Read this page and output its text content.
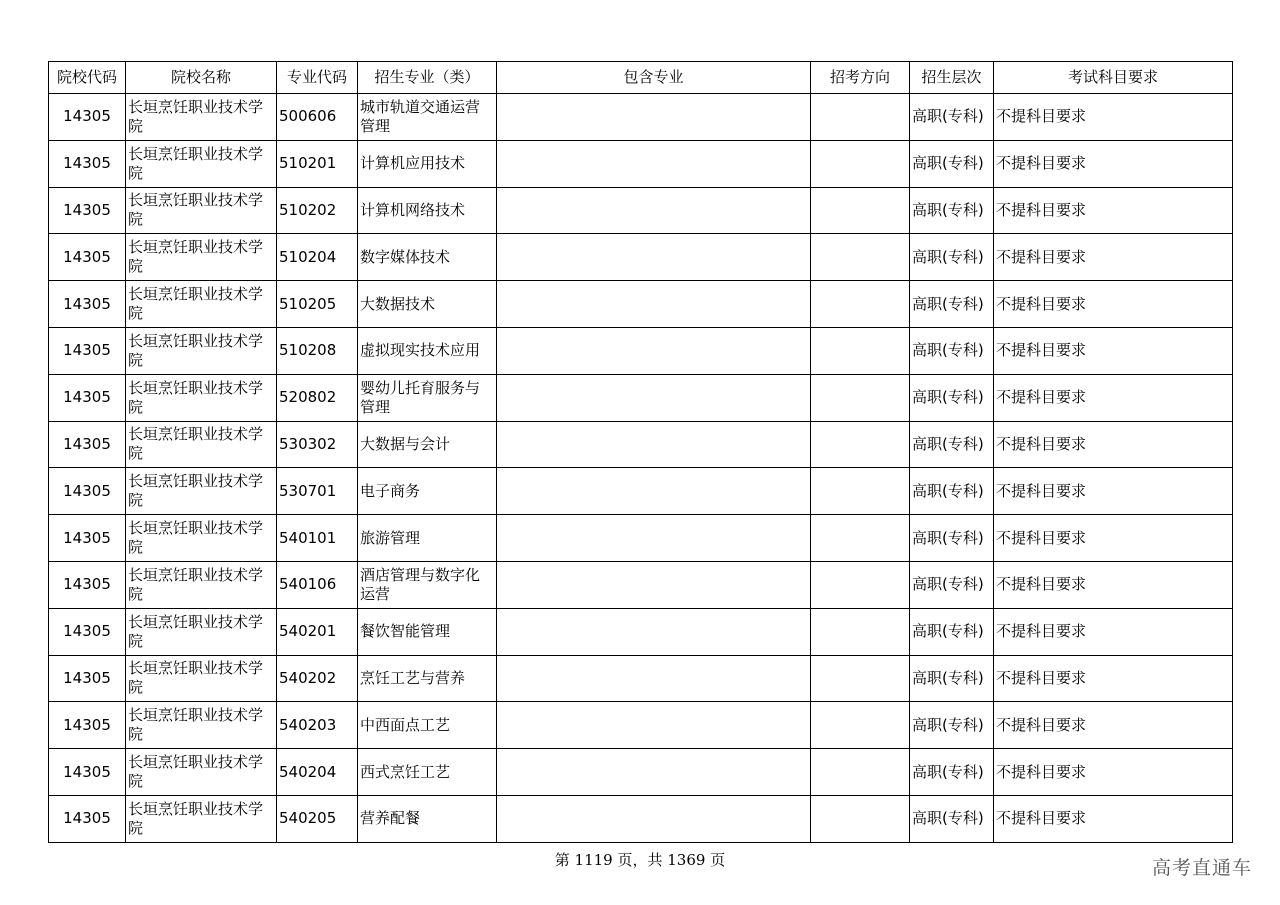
院校代码	院校名称	专业代码	招生专业（类）	包含专业	招考方向	招生层次	考试科目要求
14305	长垣烹饪职业技术学院	500606	城市轨道交通运营管理			高职(专科)	不提科目要求
14305	长垣烹饪职业技术学院	510201	计算机应用技术			高职(专科)	不提科目要求
14305	长垣烹饪职业技术学院	510202	计算机网络技术			高职(专科)	不提科目要求
14305	长垣烹饪职业技术学院	510204	数字媒体技术			高职(专科)	不提科目要求
14305	长垣烹饪职业技术学院	510205	大数据技术			高职(专科)	不提科目要求
14305	长垣烹饪职业技术学院	510208	虚拟现实技术应用			高职(专科)	不提科目要求
14305	长垣烹饪职业技术学院	520802	婴幼儿托育服务与管理			高职(专科)	不提科目要求
14305	长垣烹饪职业技术学院	530302	大数据与会计			高职(专科)	不提科目要求
14305	长垣烹饪职业技术学院	530701	电子商务			高职(专科)	不提科目要求
14305	长垣烹饪职业技术学院	540101	旅游管理			高职(专科)	不提科目要求
14305	长垣烹饪职业技术学院	540106	酒店管理与数字化运营			高职(专科)	不提科目要求
14305	长垣烹饪职业技术学院	540201	餐饮智能管理			高职(专科)	不提科目要求
14305	长垣烹饪职业技术学院	540202	烹饪工艺与营养			高职(专科)	不提科目要求
14305	长垣烹饪职业技术学院	540203	中西面点工艺			高职(专科)	不提科目要求
14305	长垣烹饪职业技术学院	540204	西式烹饪工艺			高职(专科)	不提科目要求
14305	长垣烹饪职业技术学院	540205	营养配餐			高职(专科)	不提科目要求
第 1119 页，共 1369 页	高考直通车
